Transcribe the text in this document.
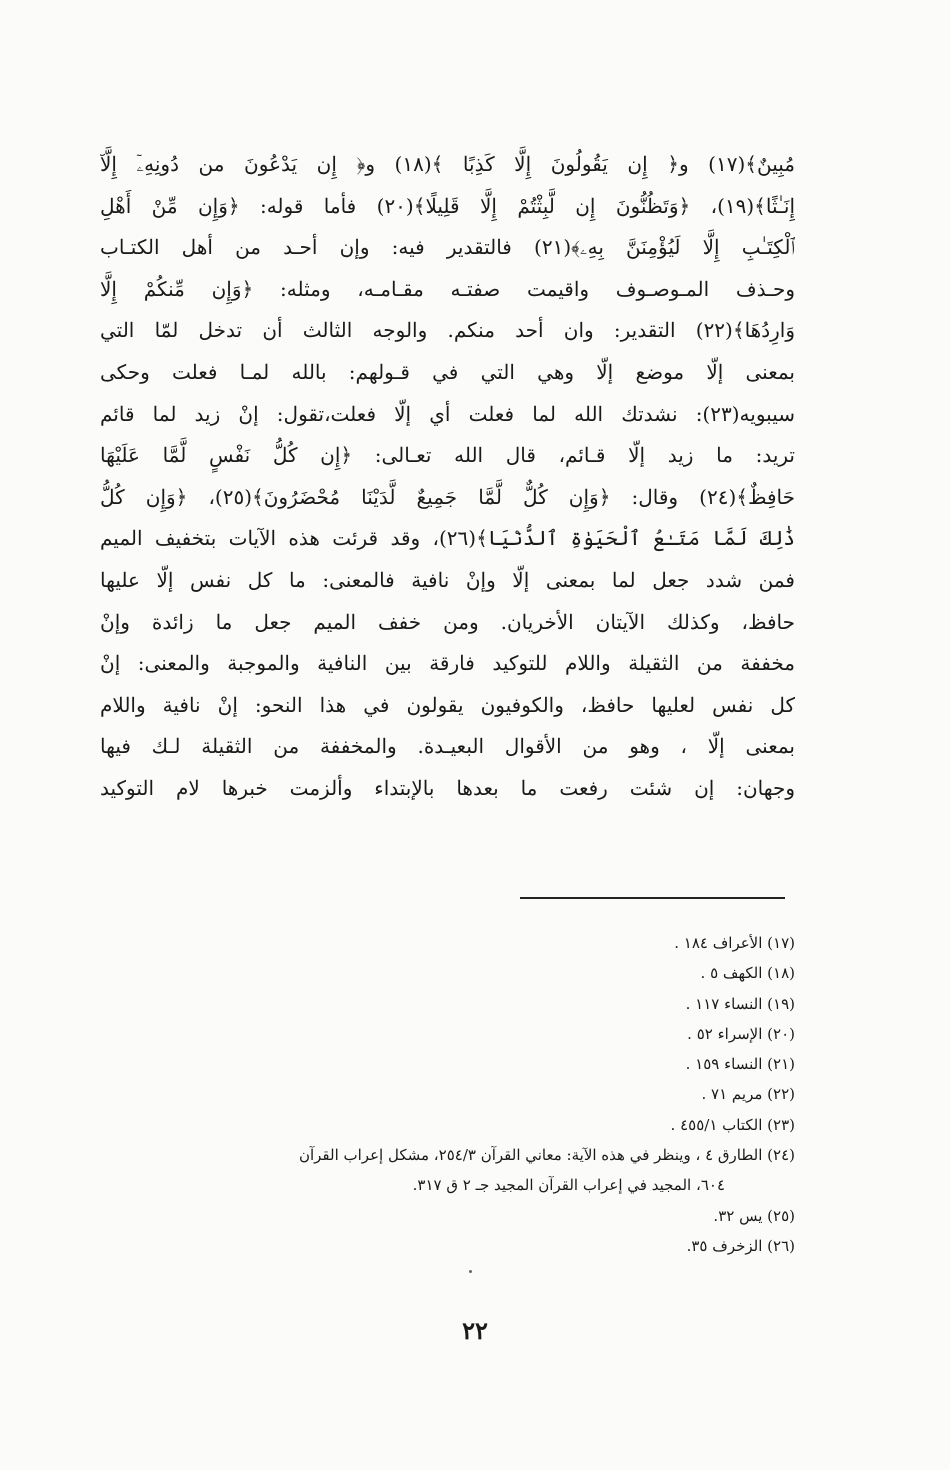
مُبِينٌ﴾(١٧) و﴿ إِن يَقُولُونَ إِلَّا كَذِبًا ﴾(١٨) و﴿ إِن يَدْعُونَ من دُونِهِۦٓ إِلَّآ
إِنَـٰثًا﴾(١٩)، ﴿وَتَظُنُّونَ إِن لَّبِثْتُمْ إِلَّا قَلِيلًا﴾(٢٠) فأما قوله: ﴿وَإِن مِّنْ أَهْلِ
ٱلْكِتَـٰبِ إِلَّا لَيُؤْمِنَنَّ بِهِۦ﴾(٢١) فالتقدير فيه: وإن أحـد من أهل الكتـاب
وحـذف المـوصـوف واقيمت صفتـه مقـامـه، ومثله: ﴿وَإِن مِّنكُمْ إِلَّا
وَارِدُهَا﴾(٢٢) التقدير: وان أحد منكم. والوجه الثالث أن تدخل لمّا التي
بمعنى إلّا موضع إلّا وهي التي في قـولهم: بالله لمـا فعلت وحكى
سيبويه(٢٣): نشدتك الله لما فعلت أي إلّا فعلت،تقول: إنْ زيد لما قائم
تريد: ما زيد إلّا قـائم، قال الله تعـالى: ﴿إِن كُلُّ نَفْسٍ لَّمَّا عَلَيْهَا
حَافِظٌ﴾(٢٤) وقال: ﴿وَإِن كُلٌّ لَّمَّا جَمِيعٌ لَّدَيْنَا مُحْضَرُونَ﴾(٢٥)، ﴿وَإِن كُلُّ
ذَٰلِكَ لَمَّا مَتَـٰعُ ٱلْحَيَوٰةِ ٱلدُّنْيَا﴾(٢٦)، وقد قرئت هذه الآيات بتخفيف الميم
فمن شدد جعل لما بمعنى إلّا وإنْ نافية فالمعنى: ما كل نفس إلّا عليها
حافظ، وكذلك الآيتان الأخريان. ومن خفف الميم جعل ما زائدة وإنْ
مخففة من الثقيلة واللام للتوكيد فارقة بين النافية والموجبة والمعنى: إنْ
كل نفس لعليها حافظ، والكوفيون يقولون في هذا النحو: إنْ نافية واللام
بمعنى إلّا ، وهو من الأقوال البعيـدة. والمخففة من الثقيلة لـك فيها
وجهان: إن شئت رفعت ما بعدها بالإبتداء وألزمت خبرها لام التوكيد
(١٧) الأعراف ١٨٤ .
(١٨) الكهف ٥ .
(١٩) النساء ١١٧ .
(٢٠) الإسراء ٥٢ .
(٢١) النساء ١٥٩ .
(٢٢) مريم ٧١ .
(٢٣) الكتاب ٤٥٥/١ .
(٢٤) الطارق ٤ ، وينظر في هذه الآية: معاني القرآن ٢٥٤/٣، مشكل إعراب القرآن
٦٠٤، المجيد في إعراب القرآن المجيد جـ ٢ ق ٣١٧.
(٢٥) يس ٣٢.
(٢٦) الزخرف ٣٥.
٢٢
